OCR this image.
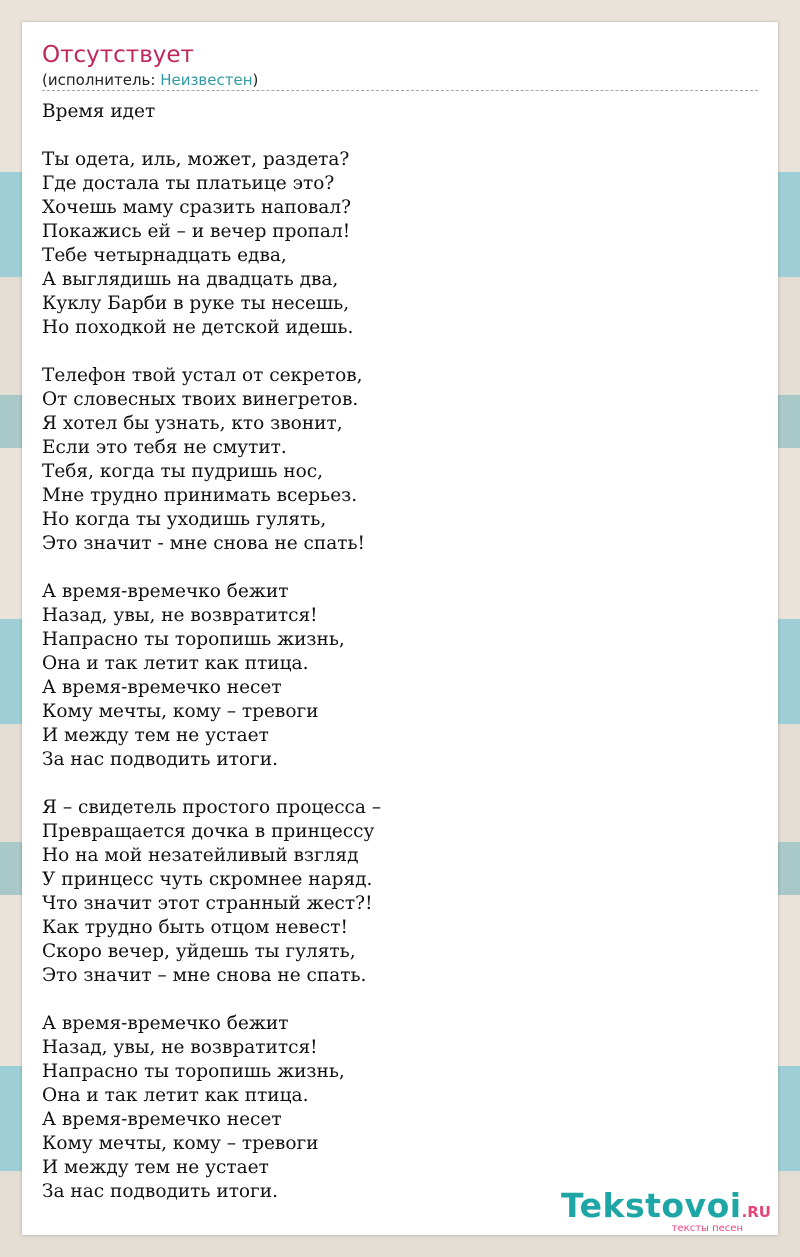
Отсутствует
(исполнитель: Неизвестен)
Время идет
Ты одета, иль, может, раздета?
Где достала ты платьице это?
Хочешь маму сразить наповал?
Покажись ей – и вечер пропал!
Тебе четырнадцать едва,
А выглядишь на двадцать два,
Куклу Барби в руке ты несешь,
Но походкой не детской идешь.
Телефон твой устал от секретов,
От словесных твоих винегретов.
Я хотел бы узнать, кто звонит,
Если это тебя не смутит.
Тебя, когда ты пудришь нос,
Мне трудно принимать всерьез.
Но когда ты уходишь гулять,
Это значит - мне снова не спать!
А время-времечко бежит
Назад, увы, не возвратится!
Напрасно ты торопишь жизнь,
Она и так летит как птица.
А время-времечко несет
Кому мечты, кому – тревоги
И между тем не устает
За нас подводить итоги.
Я – свидетель простого процесса –
Превращается дочка в принцессу
Но на мой незатейливый взгляд
У принцесс чуть скромнее наряд.
Что значит этот странный жест?!
Как трудно быть отцом невест!
Скоро вечер, уйдешь ты гулять,
Это значит – мне снова не спать.
А время-времечко бежит
Назад, увы, не возвратится!
Напрасно ты торопишь жизнь,
Она и так летит как птица.
А время-времечко несет
Кому мечты, кому – тревоги
И между тем не устает
За нас подводить итоги.	Tekstovoi.RU
тексты песен
